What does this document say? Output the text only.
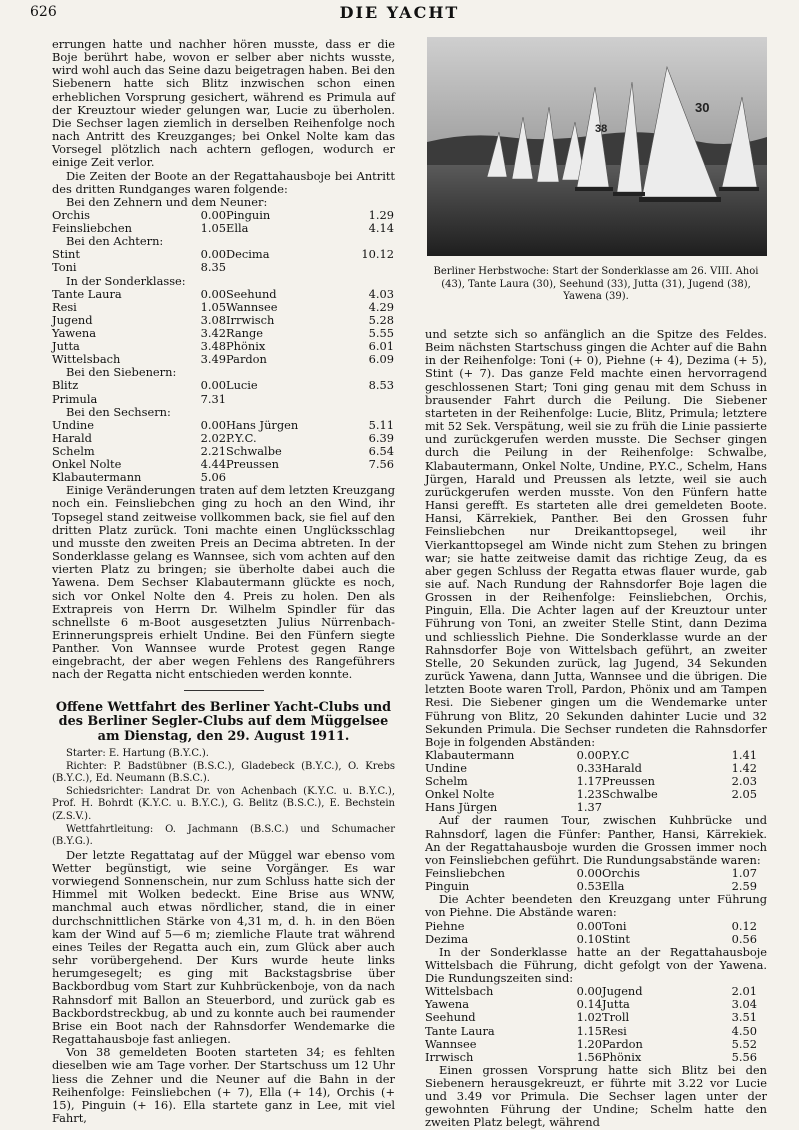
626	DIE YACHT

errungen hatte und nachher hören musste, dass er die Boje berührt habe, wovon er selber aber nichts wusste, wird wohl auch das Seine dazu beigetragen haben. Bei den Siebenern hatte sich Blitz inzwischen schon einen erheblichen Vorsprung gesichert, während es Primula auf der Kreuztour wieder gelungen war, Lucie zu überholen. Die Sechser lagen ziemlich in derselben Reihenfolge noch nach Antritt des Kreuzganges; bei Onkel Nolte kam das Vorsegel plötzlich nach achtern geflogen, wodurch er einige Zeit verlor.

Die Zeiten der Boote an der Regattahausboje bei Antritt des dritten Rundganges waren folgende:

Bei den Zehnern und dem Neuner:
Orchis	0.00	Pinguin	1.29
Feinsliebchen	1.05	Ella	4.14
Bei den Achtern:
Stint	0.00	Decima	10.12
Toni	8.35		
In der Sonderklasse:
Tante Laura	0.00	Seehund	4.03
Resi	1.05	Wannsee	4.29
Jugend	3.08	Irrwisch	5.28
Yawena	3.42	Range	5.55
Jutta	3.48	Phönix	6.01
Wittelsbach	3.49	Pardon	6.09
Bei den Siebenern:
Blitz	0.00	Lucie	8.53
Primula	7.31		
Bei den Sechsern:
Undine	0.00	Hans Jürgen	5.11
Harald	2.02	P.Y.C.	6.39
Schelm	2.21	Schwalbe	6.54
Onkel Nolte	4.44	Preussen	7.56
Klabautermann	5.06		

Einige Veränderungen traten auf dem letzten Kreuzgang noch ein. Feinsliebchen ging zu hoch an den Wind, ihr Topsegel stand zeitweise vollkommen back, sie fiel auf den dritten Platz zurück. Toni machte einen Unglücksschlag und musste den zweiten Preis an Decima abtreten. In der Sonderklasse gelang es Wannsee, sich vom achten auf den vierten Platz zu bringen; sie überholte dabei auch die Yawena. Dem Sechser Klabautermann glückte es noch, sich vor Onkel Nolte den 4. Preis zu holen. Den als Extrapreis von Herrn Dr. Wilhelm Spindler für das schnellste 6 m-Boot ausgesetzten Julius Nürrenbach-Erinnerungspreis erhielt Undine. Bei den Fünfern siegte Panther. Von Wannsee wurde Protest gegen Range eingebracht, der aber wegen Fehlens des Rangeführers nach der Regatta nicht entschieden werden konnte.

Offene Wettfahrt des Berliner Yacht-Clubs und des Berliner Segler-Clubs auf dem Müggelsee am Dienstag, den 29. August 1911.

Starter: E. Hartung (B.Y.C.).

Richter: P. Badstübner (B.S.C.), Gladebeck (B.Y.C.), O. Krebs (B.Y.C.), Ed. Neumann (B.S.C.).

Schiedsrichter: Landrat Dr. von Achenbach (K.Y.C. u. B.Y.C.), Prof. H. Bohrdt (K.Y.C. u. B.Y.C.), G. Belitz (B.S.C.), E. Bechstein (Z.S.V.).

Wettfahrtleitung: O. Jachmann (B.S.C.) und Schumacher (B.Y.G.).

Der letzte Regattatag auf der Müggel war ebenso vom Wetter begünstigt, wie seine Vorgänger. Es war vorwiegend Sonnenschein, nur zum Schluss hatte sich der Himmel mit Wolken bedeckt. Eine Brise aus WNW, manchmal auch etwas nördlicher, stand, die in einer durchschnittlichen Stärke von 4,31 m, d. h. in den Böen kam der Wind auf 5—6 m; ziemliche Flaute trat während eines Teiles der Regatta auch ein, zum Glück aber auch sehr vorübergehend. Der Kurs wurde heute links herumgesegelt; es ging mit Backstagsbrise über Backbordbug vom Start zur Kuhbrückenboje, von da nach Rahnsdorf mit Ballon an Steuerbord, und zurück gab es Backbordstreckbug, ab und zu konnte auch bei raumender Brise ein Boot nach der Rahnsdorfer Wendemarke die Regattahausboje fast anliegen.

Von 38 gemeldeten Booten starteten 34; es fehlten dieselben wie am Tage vorher. Der Startschuss um 12 Uhr liess die Zehner und die Neuner auf die Bahn in der Reihenfolge: Feinsliebchen (+ 7), Ella (+ 14), Orchis (+ 15), Pinguin (+ 16). Ella startete ganz in Lee, mit viel Fahrt,

38
30
Berliner Herbstwoche: Start der Sonderklasse am 26. VIII. Ahoi (43), Tante Laura (30), Seehund (33), Jutta (31), Jugend (38), Yawena (39).

und setzte sich so anfänglich an die Spitze des Feldes. Beim nächsten Startschuss gingen die Achter auf die Bahn in der Reihenfolge: Toni (+ 0), Piehne (+ 4), Dezima (+ 5), Stint (+ 7). Das ganze Feld machte einen hervorragend geschlossenen Start; Toni ging genau mit dem Schuss in brausender Fahrt durch die Peilung. Die Siebener starteten in der Reihenfolge: Lucie, Blitz, Primula; letztere mit 52 Sek. Verspätung, weil sie zu früh die Linie passierte und zurückgerufen werden musste. Die Sechser gingen durch die Peilung in der Reihenfolge: Schwalbe, Klabautermann, Onkel Nolte, Undine, P.Y.C., Schelm, Hans Jürgen, Harald und Preussen als letzte, weil sie auch zurückgerufen werden musste. Von den Fünfern hatte Hansi gerefft. Es starteten alle drei gemeldeten Boote. Hansi, Kärrekiek, Panther. Bei den Grossen fuhr Feinsliebchen nur Dreikanttopsegel, weil ihr Vierkanttopsegel am Winde nicht zum Stehen zu bringen war; sie hatte zeitweise damit das richtige Zeug, da es aber gegen Schluss der Regatta etwas flauer wurde, gab sie auf. Nach Rundung der Rahnsdorfer Boje lagen die Grossen in der Reihenfolge: Feinsliebchen, Orchis, Pinguin, Ella. Die Achter lagen auf der Kreuztour unter Führung von Toni, an zweiter Stelle Stint, dann Dezima und schliesslich Piehne. Die Sonderklasse wurde an der Rahnsdorfer Boje von Wittelsbach geführt, an zweiter Stelle, 20 Sekunden zurück, lag Jugend, 34 Sekunden zurück Yawena, dann Jutta, Wannsee und die übrigen. Die letzten Boote waren Troll, Pardon, Phönix und am Tampen Resi. Die Siebener gingen um die Wendemarke unter Führung von Blitz, 20 Sekunden dahinter Lucie und 32 Sekunden Primula. Die Sechser rundeten die Rahnsdorfer Boje in folgenden Abständen:

Klabautermann	0.00	P.Y.C	1.41
Undine	0.33	Harald	1.42
Schelm	1.17	Preussen	2.03
Onkel Nolte	1.23	Schwalbe	2.05
Hans Jürgen	1.37		

Auf der raumen Tour, zwischen Kuhbrücke und Rahnsdorf, lagen die Fünfer: Panther, Hansi, Kärrekiek. An der Regattahausboje wurden die Grossen immer noch von Feinsliebchen geführt. Die Rundungsabstände waren:

Feinsliebchen	0.00	Orchis	1.07
Pinguin	0.53	Ella	2.59

Die Achter beendeten den Kreuzgang unter Führung von Piehne. Die Abstände waren:

Piehne	0.00	Toni	0.12
Dezima	0.10	Stint	0.56

In der Sonderklasse hatte an der Regattahausboje Wittelsbach die Führung, dicht gefolgt von der Yawena. Die Rundungszeiten sind:

Wittelsbach	0.00	Jugend	2.01
Yawena	0.14	Jutta	3.04
Seehund	1.02	Troll	3.51
Tante Laura	1.15	Resi	4.50
Wannsee	1.20	Pardon	5.52
Irrwisch	1.56	Phönix	5.56

Einen grossen Vorsprung hatte sich Blitz bei den Siebenern herausgekreuzt, er führte mit 3.22 vor Lucie und 3.49 vor Primula. Die Sechser lagen unter der gewohnten Führung der Undine; Schelm hatte den zweiten Platz belegt, während
